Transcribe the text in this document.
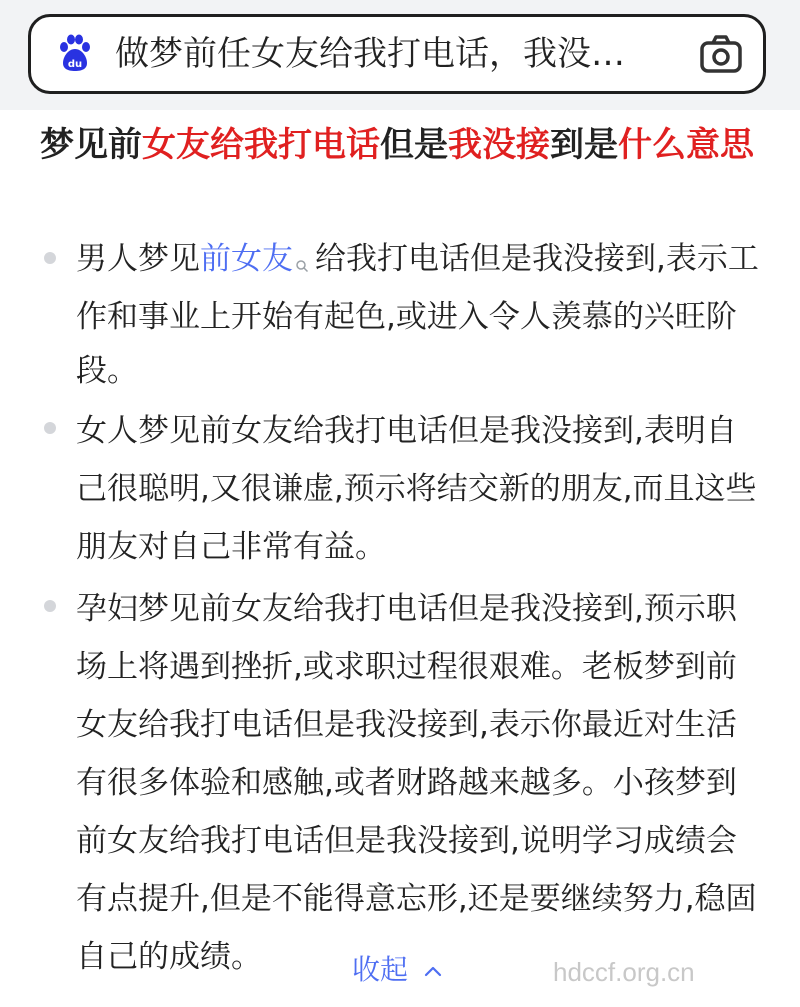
du 做梦前任女友给我打电话，我没…
梦见前女友给我打电话但是我没接到是什么意思
男人梦见前女友 给我打电话但是我没接到,表示工作和事业上开始有起色,或进入令人羡慕的兴旺阶段。
女人梦见前女友给我打电话但是我没接到,表明自己很聪明,又很谦虚,预示将结交新的朋友,而且这些朋友对自己非常有益。
孕妇梦见前女友给我打电话但是我没接到,预示职场上将遇到挫折,或求职过程很艰难。老板梦到前女友给我打电话但是我没接到,表示你最近对生活有很多体验和感触,或者财路越来越多。小孩梦到前女友给我打电话但是我没接到,说明学习成绩会有点提升,但是不能得意忘形,还是要继续努力,稳固自己的成绩。	收起	hdccf.org.cn
